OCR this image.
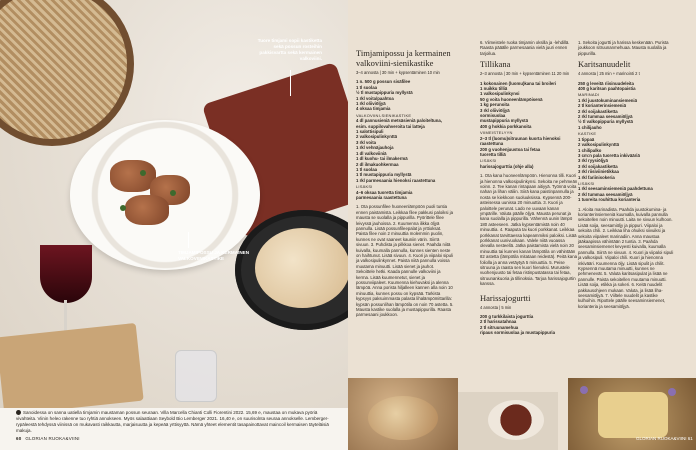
Tuore timjami sopii kastiketta sekä possun rosteihin pakkisvartta sekä kermainen valkoviini.
TIMJAMIPOSSU JA KERMAINEN VALKOVIINIKASTIKE
Sanoidessa on sanna uatiella timjamin maustaman possun seuraan. Villa Marcella Chianti Colli Fiorentini 2022. 15,69 e, maustaa on mukava pyöriä vivahteita. Viinin heleo rakenne tuo ryhtiä annokseen. Myös salaattiaan Seybold Bio Lemberger 2021. 16,40 e, on suurisolnta seuraa annokselle. Lemberger-rypäleestä tehdyssä viinissä on mukavasti raikkautta, marjaisuutta ja kepeää yrttisyyttä. Nämä yhteet elementit tasapainottavat maincoil kermaisen täyteläisiä makuja.
60 GLORIAN RUOKA&VIINI
Timjamipossu ja kermainen valkoviini-sienikastike
3–4 annosta | 30 min + kypsentäminen 10 min
1 n. 500 g possun sisäfilee
1 tl suolaa
½ tl mustapippuria myllystä
1 rkl voita/paahtoa
1 rkl oliiviöljyä
4 oksaa timjamia
VALKOVIINI-SIENIKASTIKE
4 dl pannusieniä metsäsieniä paloiteltuna, esim. suppilovahveroita tai latteja
1 salottisipuli
2 valkosipulinkynttä
3 rkl voita
1 rkl vehnäjauhoja
1 dl valkoviiniä
1 dl kuohu- tai ilmakermä
2 dl ilmakuohkermaa
1 tl suolaa
1 tl mustapippuria myllystä
1 rkl parmesaania hienoksi raastettuna
LISÄKSI
4–6 oksaa tuoretta timjamia
parmesaania raastettuna
1. Ota possunfilee huoneenlämpöön puoli tuntia ennen paistamista. Leikkaa filee pakkusi paloiksi ja mausta se suolalla ja pippurilla. Pyörittele filee leivyssä jauhoissa. 2. Kuumenna ilikka öljyä pannulla. Lisää possunfileepalat ja yrttioksat. Paista filee noin 2 minuuttia molemmin puolin, kunnes ne ovat saaneet kauniin värin. Siirrä sivuun. 3. Puhdista ja pilkkoa sienet. Paahda niitä kuivalla, kuumalla pannulla, kunnes sienten neste on haihtunut. Lisää sivuun. 4. Kuori ja viipaloi sipuli ja valkosipulinkynnet. Paista niitä pannulla voissa muutama minuutti. Lisää sienet ja jauhot. Sekoittele hetki. Kaada pannulle valkoviini ja kerma. Lisää kuumennetut, sienet ja possunviipaleet. Kuumenna kiehuvaksi ja alenna lämpöä. Anna porista hiljalleen kannen alla noin 10 minuuttia, kunnes possu on kypsää. Tarkista kypsyys paksuimmasta palasta lihalämpömittarilla: kypsän possunlihan lämpötila on noin 70 astetta. 5. Mausta kastike suolalla ja mustapippurilla. Raasta parmesaani joukkoon.
6. Viimeistele ruoka timjamin oksilla ja -lehdillä. Raasta pääälle parmesaania vielä juuri ennen tarjoilua.
Tillikana
2–3 annosta | 30 min + kypsentäminen 11 20 min
1 kokonainen (luomu)kana tai broileri
1 nuikku tilliä
1 valkosipulinkynsi
50 g voita huoneenlämpöisenä
1 kg perunoita
3 rkl oliiviöljyä
sormisuolaa
mustapippuria myllystä
400 g hokkia porkkanoita
VIIMEISTELYYN
2–3 tl (luomu)sitruunan kuorta hienoksi raastettuna
200 g vuohenjuustoa tai fetaa
tuoretta tilliä
LISÄKSI
harissajogurttia (ohje alla)
1. Ota kana huoneenlämpöön. Hienonna tilli. Kuori ja hienonna valkosipulinkynsi. Sekoita ne pehmeän voinn. 2. Tee kanan rintapaan aitiyyä. Työnnä voita nahan ja lihan väliin. Siirä kana paistinpannulla ja nosta se kiekkoon suoluuksissa. Kypsennä 200-asteisessa uunissa 20 minuuttia. 3. Kuori ja paloittele perunat. Lado ne uuvaan kanan ympärille. Valuta päälle öljyä. Mausta perunat ja kana suolalla ja pippurilla. Vähennä uunin lämpö 180 asteeseen. Jatka kypsentämistä noin 40 minuuttia. 4. Raaputa tai kuori porkkanat. Leikkaa porkkanat tarvittaessa kapeammiksi paloiksi. Lisää porkkanat uunivuokaan. Valele niitä vuoassa olevalla nesteellä. Jatka paistamista vielä noin 20 minuuttia tai kunnes kanan lämpötila on vähintään 82 astetta (lämpötila mitataan reidestä). Peitä kana foliolla ja anna vetäytyä 5 minuuttia. 5. Peise sitruuna ja raasta sen kuori hienoksi. Murustele vuohenjuusto tai fetaa ristinpustatassa tai fetaa, sitruunankuoria ja tillinoksia. Tarjoa harissajogurtin kanssa.
Harissajogurtti
4 annosta | 5 min
200 g turkkilaista jogurttia
2 tl harissatahnaa
2 tl sitruunamehua
ripaus sormisuolaa ja mustapippuria
1. Sekoita jogurtti ja harissa keskenään. Purista joukkoon sitruunanmehuaa. Mausta suolalla ja pippurilla.
Karitsanuudelit
4 annosta | 25 min + marinointi 2 t
250 g leveitä riisinuudeleita
400 g karitsan paahtopaistia
MARINADI
1 rkl juustokuminansiemeniä
2 tl korianterinsiemeniä
2 rkl soijakastiketta
2 rkl tummaa seesamiöljyä
½ tl valkopippuria myllystä
1 chilijauho
KASTIKE
1 tippaä
2 valkosipulinkynttä
1 chilipalko
3 cm:n pala tuoretta inkivääriä
3 rkl ryysiöljyä
3 rkl soijakastiketta
3 rkl riisiviinietikkaa
1 rkl fariinisokeria
LISÄKSI
1 rkl seesaminsiemeniä paahdettuna
2 rkl tummaa seesamiöljyä
1 tuoreita rouhittua korianteria
1. Aloita marinadista. Paahda juustokumina- ja korianterinsiemeniä kuumalla, kuivalla pannulla sekoitellen noin minuutti. Laita ne sivuun kulhoon. Lisää soija, seesamiöljy ja pippuri. Viipaloi ja sekoita chili. 2. Leikkaa liha ohuiksi siivuiksi ja sekoita viipaleet marinadiin. Anna maustua jääkaapissa vähintään 2 tuntia. 3. Paahda seesaminsiemenet kevyesti kuivalla, kuumalla pannulla. Siirrä ne sivuun. 4. Kuori ja viipaloi sipuli ja valkosipuli. Viipaloi chili. Kuori ja hienonna inkivääri. Kuumenna öljy. Lisää sipulit ja chilit. Kypsennä muutama minuutti, kunnes ne pehmenevät. 5. Valuta karitsasipulat ja lisää ne pannulle. Paista sekoitellen muutama minuutti. Lisää soija, etikka ja sokeri. 6. Keitä nuudelit pakkausohjeen mukaan. Valuta, ja lisää liha-seesamiöljyä. 7. Viiltele nuudelit ja kastike kulhoihin. Ripottele päälle seesaminsiemenet, korianteria ja seesamiöljyä.
GLORIAN RUOKA&VIINI 61
